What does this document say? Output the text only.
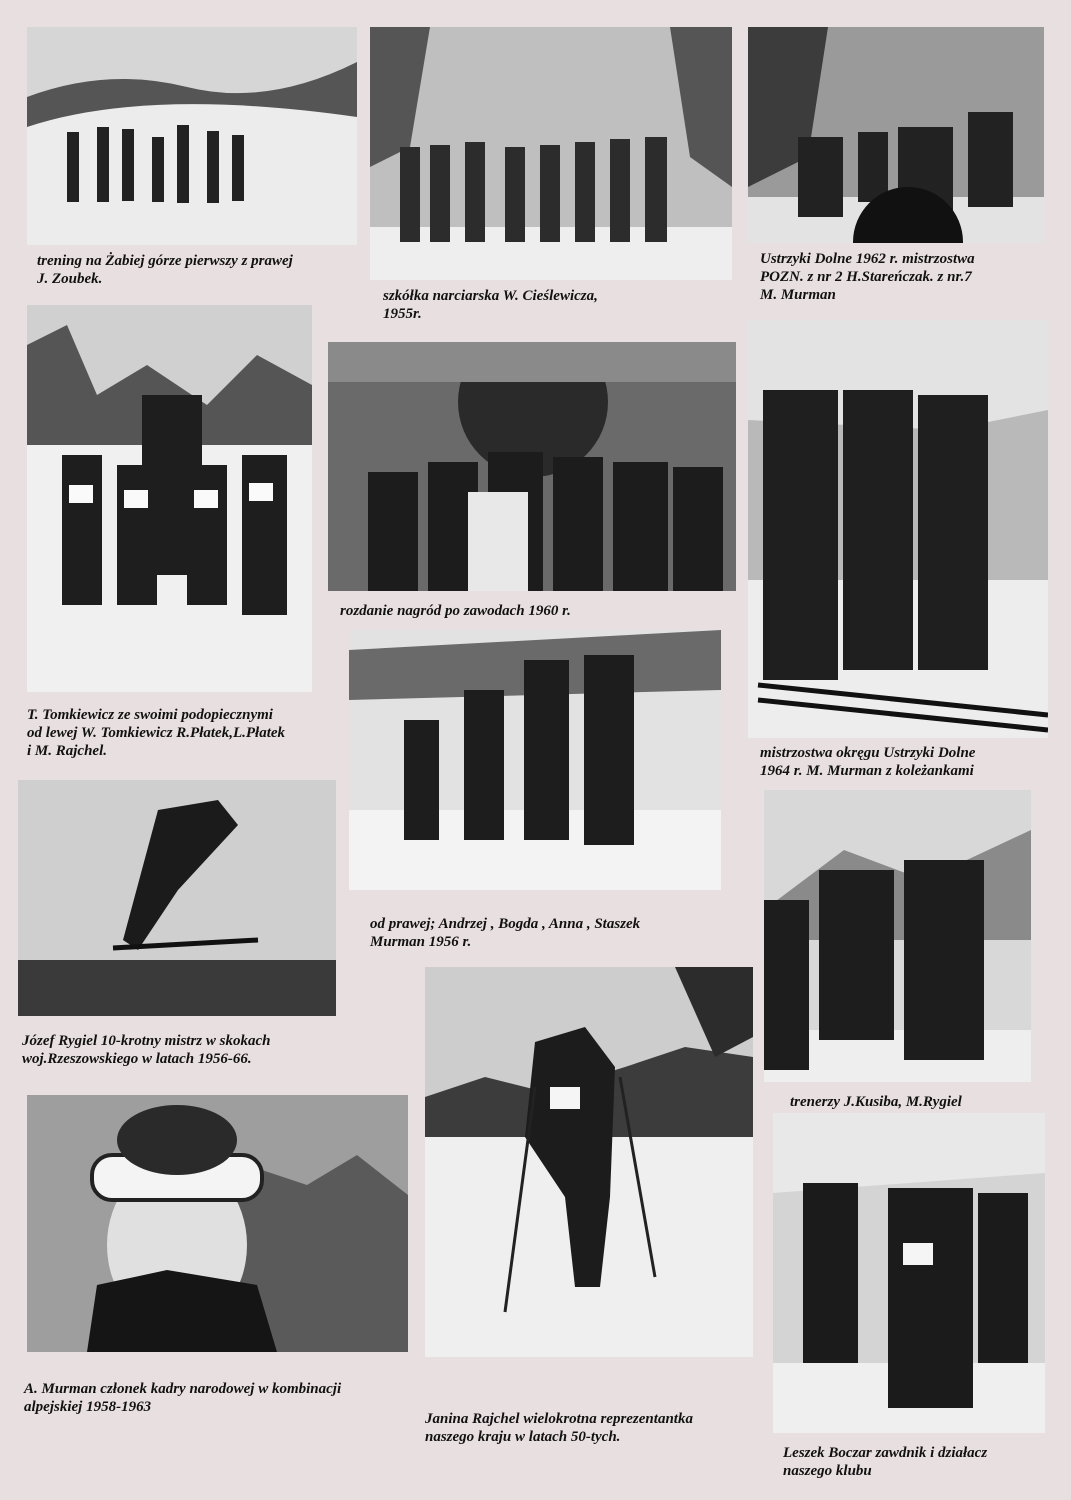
trening na Żabiej górze pierwszy z prawej
J. Zoubek.

szkółka narciarska W. Cieślewicza,
1955r.

Ustrzyki Dolne 1962 r. mistrzostwa
POZN. z nr 2 H.Stareńczak. z nr.7
M. Murman

T. Tomkiewicz ze swoimi podopiecznymi
od lewej W. Tomkiewicz R.Płatek,L.Płatek
i M. Rajchel.

rozdanie nagród po zawodach 1960 r.

mistrzostwa okręgu Ustrzyki Dolne
1964 r. M. Murman z koleżankami

od prawej; Andrzej , Bogda , Anna , Staszek
Murman 1956 r.

Józef Rygiel 10-krotny mistrz w skokach
woj.Rzeszowskiego w latach 1956-66.

trenerzy J.Kusiba, M.Rygiel

A. Murman członek kadry narodowej w kombinacji
alpejskiej 1958-1963

Janina Rajchel wielokrotna reprezentantka
naszego kraju w latach 50-tych.

Leszek Boczar zawdnik i działacz
naszego klubu
